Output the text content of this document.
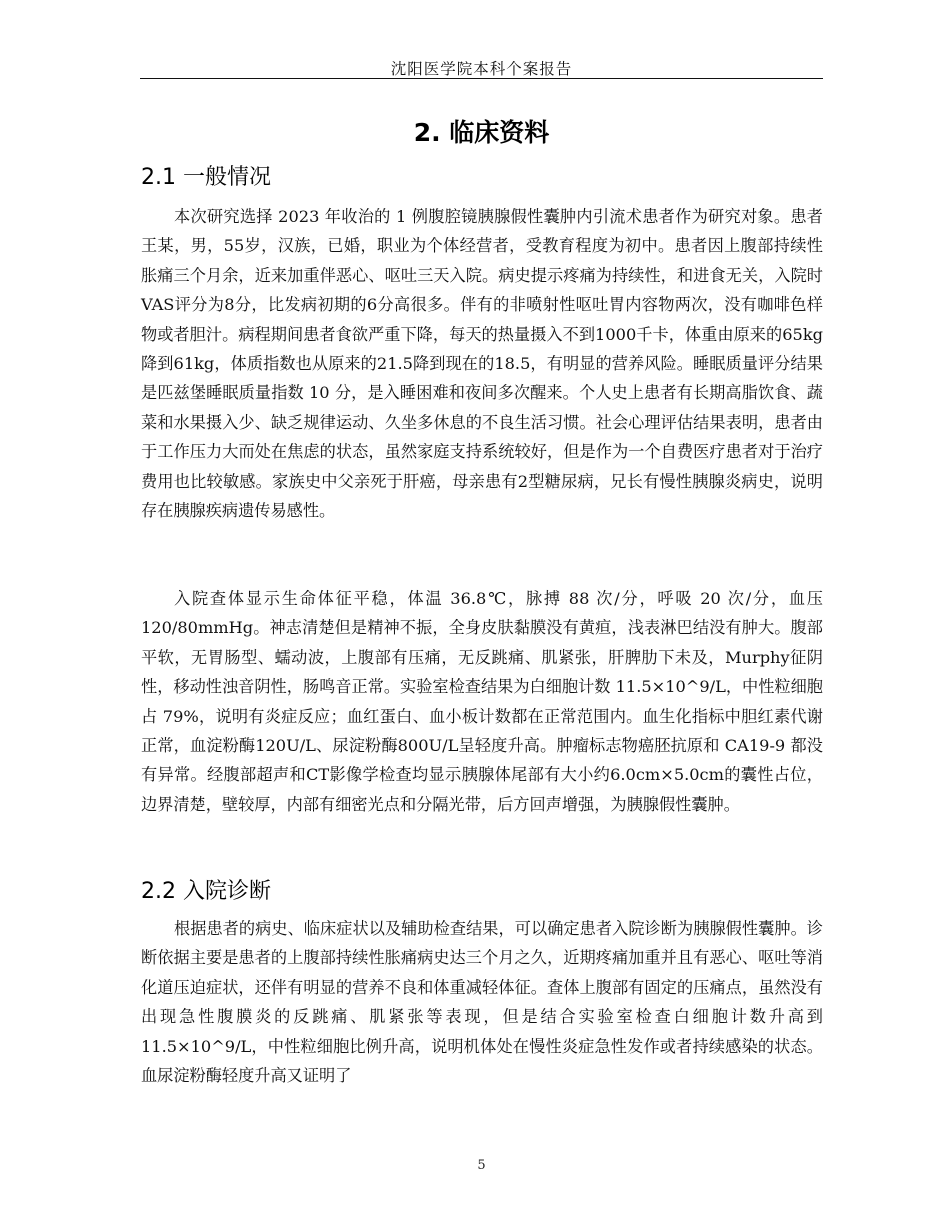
沈阳医学院本科个案报告
2. 临床资料
2.1 一般情况

本次研究选择 2023 年收治的 1 例腹腔镜胰腺假性囊肿内引流术患者作为研究对象。患者王某，男，55岁，汉族，已婚，职业为个体经营者，受教育程度为初中。患者因上腹部持续性胀痛三个月余，近来加重伴恶心、呕吐三天入院。病史提示疼痛为持续性，和进食无关，入院时VAS评分为8分，比发病初期的6分高很多。伴有的非喷射性呕吐胃内容物两次，没有咖啡色样物或者胆汁。病程期间患者食欲严重下降，每天的热量摄入不到1000千卡，体重由原来的65kg降到61kg，体质指数也从原来的21.5降到现在的18.5，有明显的营养风险。睡眠质量评分结果是匹兹堡睡眠质量指数 10 分，是入睡困难和夜间多次醒来。个人史上患者有长期高脂饮食、蔬菜和水果摄入少、缺乏规律运动、久坐多休息的不良生活习惯。社会心理评估结果表明，患者由于工作压力大而处在焦虑的状态，虽然家庭支持系统较好，但是作为一个自费医疗患者对于治疗费用也比较敏感。家族史中父亲死于肝癌，母亲患有2型糖尿病，兄长有慢性胰腺炎病史，说明存在胰腺疾病遗传易感性。

入院查体显示生命体征平稳，体温 36.8℃，脉搏 88 次/分，呼吸 20 次/分，血压 120/80mmHg。神志清楚但是精神不振，全身皮肤黏膜没有黄疸，浅表淋巴结没有肿大。腹部平软，无胃肠型、蠕动波，上腹部有压痛，无反跳痛、肌紧张，肝脾肋下未及，Murphy征阴性，移动性浊音阴性，肠鸣音正常。实验室检查结果为白细胞计数 11.5×10^9/L，中性粒细胞占 79%，说明有炎症反应；血红蛋白、血小板计数都在正常范围内。血生化指标中胆红素代谢正常，血淀粉酶120U/L、尿淀粉酶800U/L呈轻度升高。肿瘤标志物癌胚抗原和 CA19-9 都没有异常。经腹部超声和CT影像学检查均显示胰腺体尾部有大小约6.0cm×5.0cm的囊性占位，边界清楚，壁较厚，内部有细密光点和分隔光带，后方回声增强，为胰腺假性囊肿。

2.2 入院诊断

根据患者的病史、临床症状以及辅助检查结果，可以确定患者入院诊断为胰腺假性囊肿。诊断依据主要是患者的上腹部持续性胀痛病史达三个月之久，近期疼痛加重并且有恶心、呕吐等消化道压迫症状，还伴有明显的营养不良和体重减轻体征。查体上腹部有固定的压痛点，虽然没有出现急性腹膜炎的反跳痛、肌紧张等表现，但是结合实验室检查白细胞计数升高到11.5×10^9/L，中性粒细胞比例升高，说明机体处在慢性炎症急性发作或者持续感染的状态。血尿淀粉酶轻度升高又证明了

5
